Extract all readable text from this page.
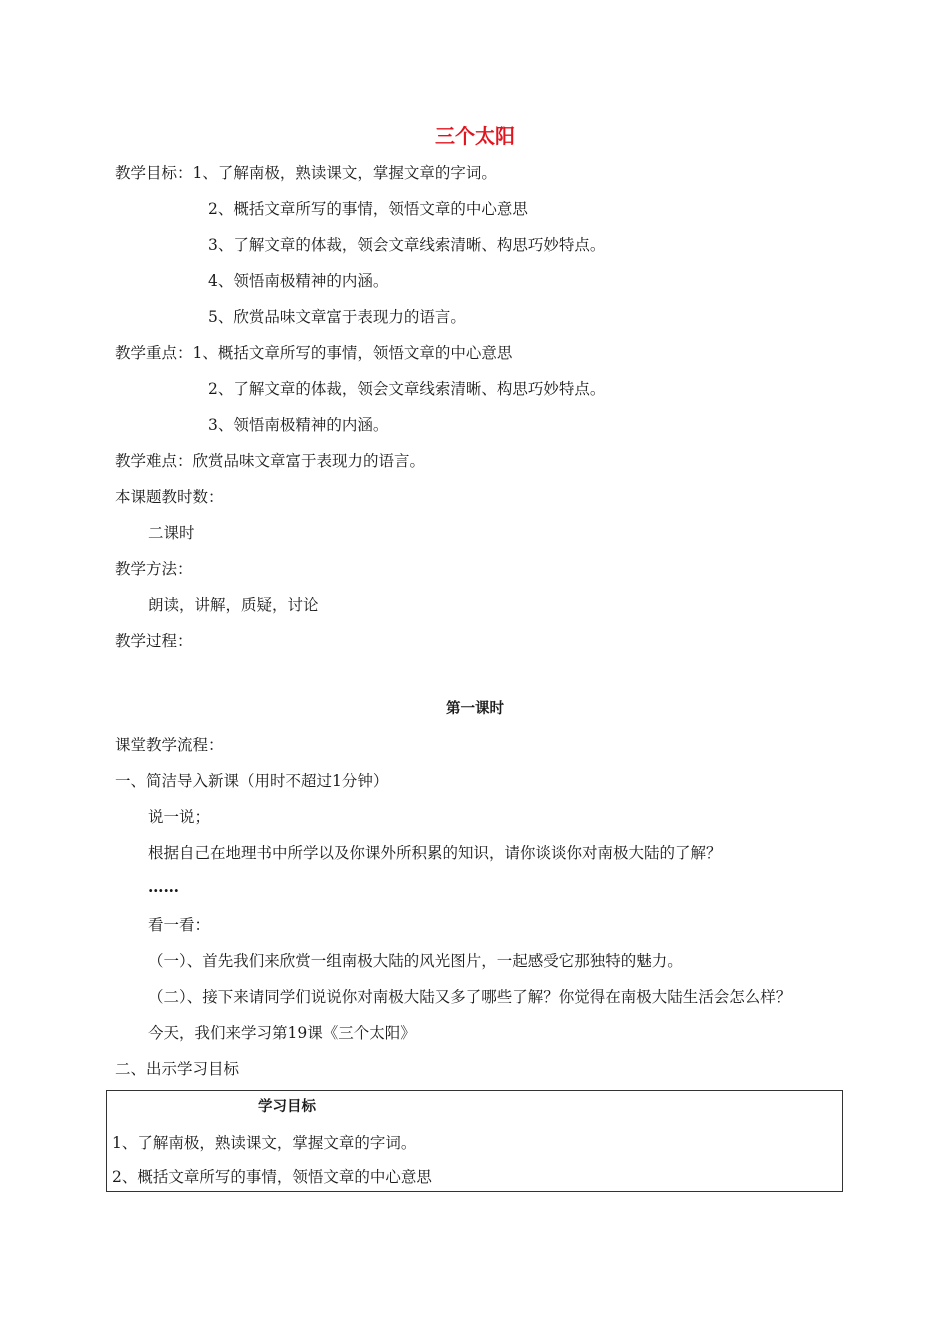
三个太阳
教学目标：1、了解南极，熟读课文，掌握文章的字词。
2、概括文章所写的事情，领悟文章的中心意思
3、了解文章的体裁，领会文章线索清晰、构思巧妙特点。
4、领悟南极精神的内涵。
5、欣赏品味文章富于表现力的语言。
教学重点：1、概括文章所写的事情，领悟文章的中心意思
2、了解文章的体裁，领会文章线索清晰、构思巧妙特点。
3、领悟南极精神的内涵。
教学难点：欣赏品味文章富于表现力的语言。
本课题教时数：
二课时
教学方法：
朗读，讲解，质疑，讨论
教学过程：
第一课时
课堂教学流程：
一、简洁导入新课（用时不超过1分钟）
说一说；
根据自己在地理书中所学以及你课外所积累的知识，请你谈谈你对南极大陆的了解？
……
看一看：
（一）、首先我们来欣赏一组南极大陆的风光图片，一起感受它那独特的魅力。
（二）、接下来请同学们说说你对南极大陆又多了哪些了解？你觉得在南极大陆生活会怎么样？
今天，我们来学习第19课《三个太阳》
二、出示学习目标
学习目标
1、了解南极，熟读课文，掌握文章的字词。
2、概括文章所写的事情，领悟文章的中心意思
